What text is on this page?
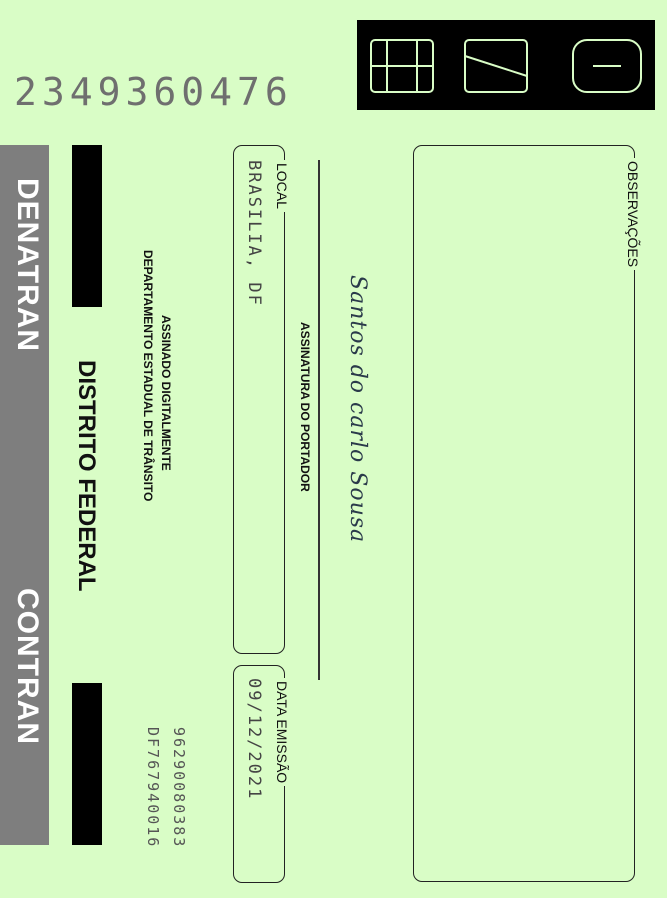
2349360476
OBSERVAÇÕES
LOCAL
BRASILIA, DF
DATA EMISSÃO
09/12/2021
Santos do carlo Sousa
ASSINATURA DO PORTADOR
DISTRITO FEDERAL	ASSINADO DIGITALMENTE
DEPARTAMENTO ESTADUAL DE TRÂNSITO
96290080383
DF767940016
DENATRAN
CONTRAN
